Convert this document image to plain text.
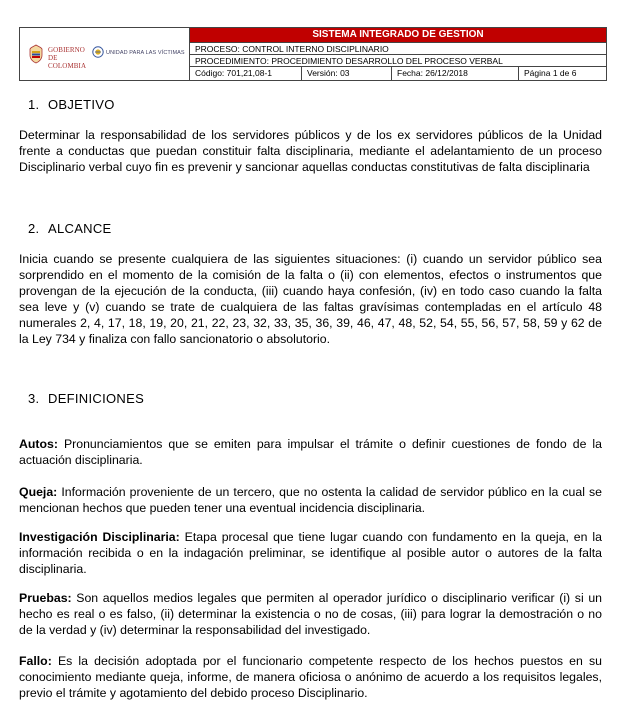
GOBIERNO
DE COLOMBIA
UNIDAD PARA LAS VÍCTIMAS
SISTEMA INTEGRADO DE GESTION
PROCESO: CONTROL INTERNO DISCIPLINARIO
PROCEDIMIENTO: PROCEDIMIENTO DESARROLLO DEL PROCESO VERBAL
Código: 701,21,08-1	Versión: 03	Fecha: 26/12/2018	Página 1 de 6
1. OBJETIVO

Determinar la responsabilidad de los servidores públicos y de los ex servidores públicos de la Unidad frente a conductas que puedan constituir falta disciplinaria, mediante el adelantamiento de un proceso Disciplinario verbal cuyo fin es prevenir y sancionar aquellas conductas constitutivas de falta disciplinaria

2. ALCANCE

Inicia cuando se presente cualquiera de las siguientes situaciones: (i) cuando un servidor público sea sorprendido en el momento de la comisión de la falta o (ii) con elementos, efectos o instrumentos que provengan de la ejecución de la conducta, (iii) cuando haya confesión, (iv) en todo caso cuando la falta sea leve y (v) cuando se trate de cualquiera de las faltas gravísimas contempladas en el artículo 48 numerales 2, 4, 17, 18, 19, 20, 21, 22, 23, 32, 33, 35, 36, 39, 46, 47, 48, 52, 54, 55, 56, 57, 58, 59 y 62 de la Ley 734 y finaliza con fallo sancionatorio o absolutorio.

3. DEFINICIONES

Autos: Pronunciamientos que se emiten para impulsar el trámite o definir cuestiones de fondo de la actuación disciplinaria.

Queja: Información proveniente de un tercero, que no ostenta la calidad de servidor público en la cual se mencionan hechos que pueden tener una eventual incidencia disciplinaria.

Investigación Disciplinaria: Etapa procesal que tiene lugar cuando con fundamento en la queja, en la información recibida o en la indagación preliminar, se identifique al posible autor o autores de la falta disciplinaria.

Pruebas: Son aquellos medios legales que permiten al operador jurídico o disciplinario verificar (i) si un hecho es real o es falso, (ii) determinar la existencia o no de cosas, (iii) para lograr la demostración o no de la verdad y (iv) determinar la responsabilidad del investigado.

Fallo: Es la decisión adoptada por el funcionario competente respecto de los hechos puestos en su conocimiento mediante queja, informe, de manera oficiosa o anónimo de acuerdo a los requisitos legales, previo el trámite y agotamiento del debido proceso Disciplinario.
